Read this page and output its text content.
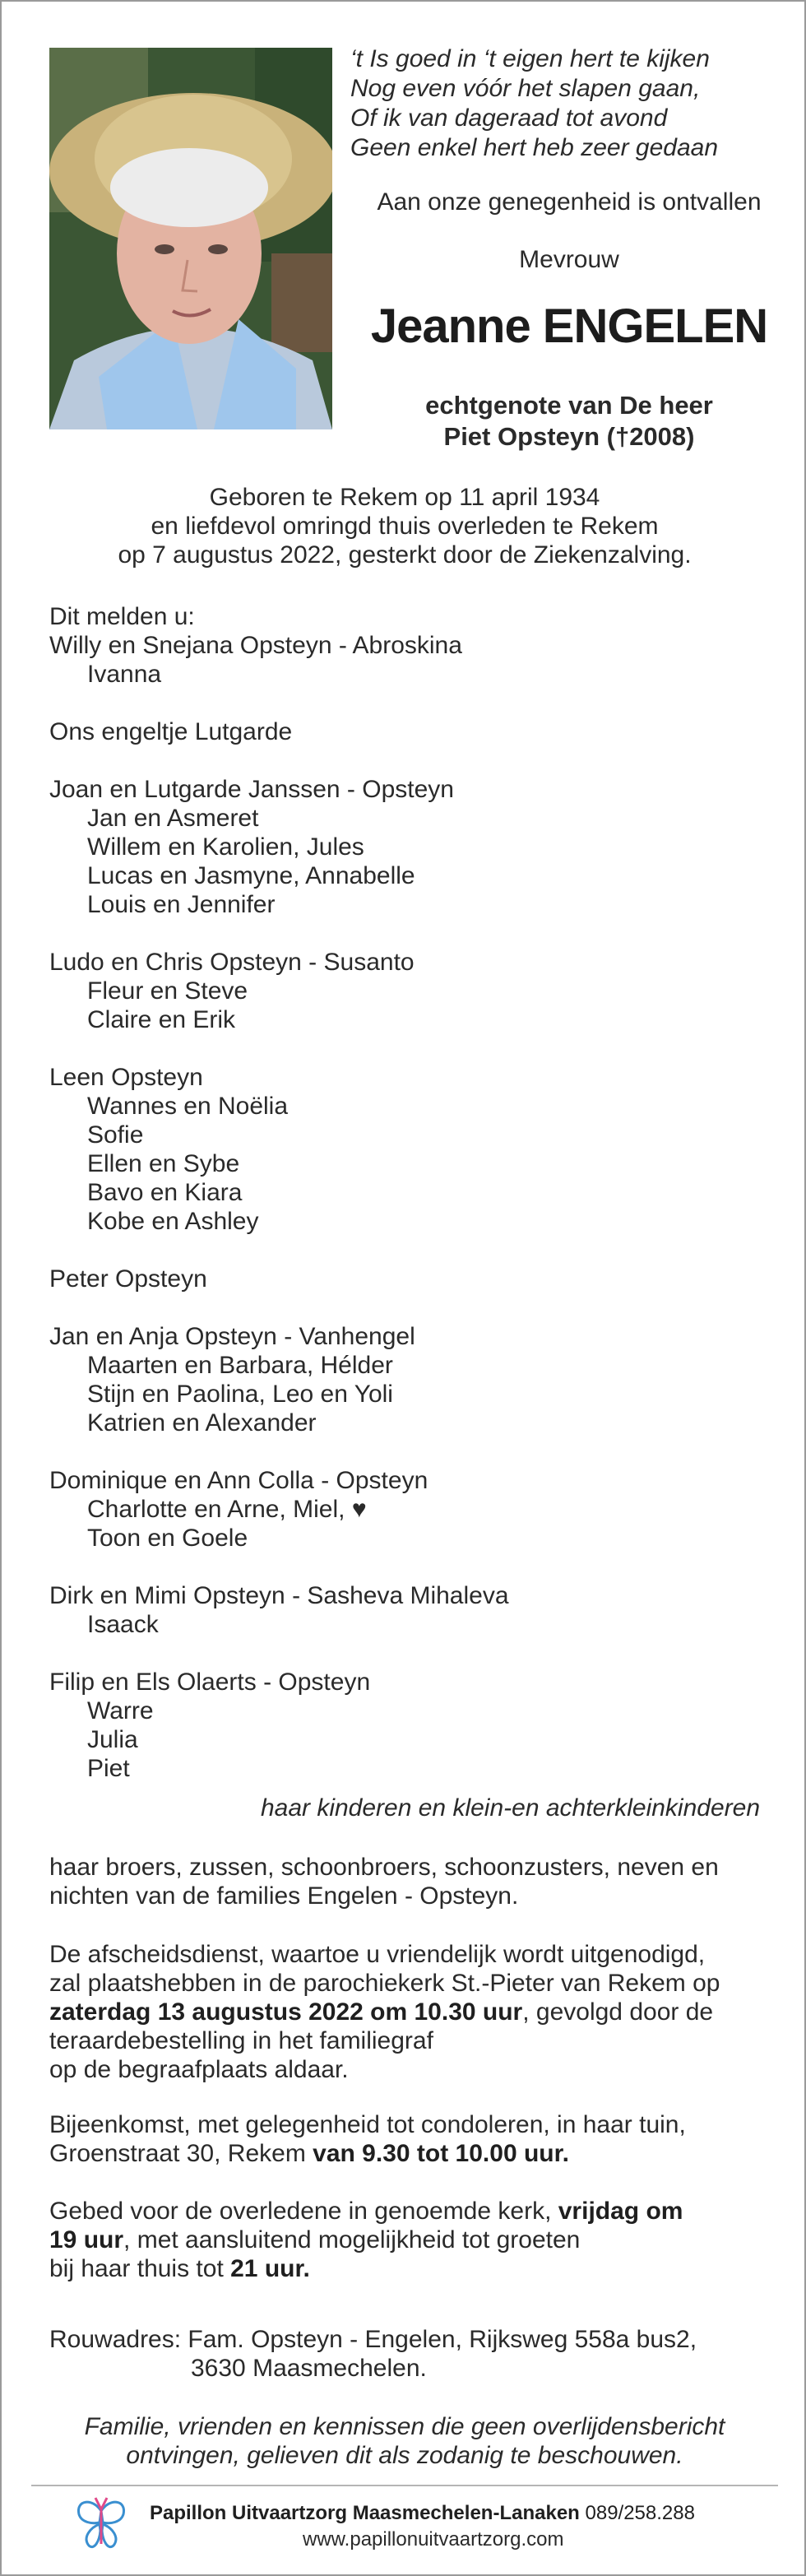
‘t Is goed in ‘t eigen hert te kijken
Nog even vóór het slapen gaan,
Of ik van dageraad tot avond
Geen enkel hert heb zeer gedaan
Aan onze genegenheid is ontvallen
Mevrouw
Jeanne ENGELEN
echtgenote van De heer
Piet Opsteyn (†2008)
Geboren te Rekem op 11 april 1934
en liefdevol omringd thuis overleden te Rekem
op 7 augustus 2022, gesterkt door de Ziekenzalving.
Dit melden u:
Willy en Snejana Opsteyn - Abroskina
Ivanna
Ons engeltje Lutgarde
Joan en Lutgarde Janssen - Opsteyn
Jan en Asmeret
Willem en Karolien, Jules
Lucas en Jasmyne, Annabelle
Louis en Jennifer
Ludo en Chris Opsteyn - Susanto
Fleur en Steve
Claire en Erik
Leen Opsteyn
Wannes en Noëlia
Sofie
Ellen en Sybe
Bavo en Kiara
Kobe en Ashley
Peter Opsteyn
Jan en Anja Opsteyn - Vanhengel
Maarten en Barbara, Hélder
Stijn en Paolina, Leo en Yoli
Katrien en Alexander
Dominique en Ann Colla - Opsteyn
Charlotte en Arne, Miel, ♥
Toon en Goele
Dirk en Mimi Opsteyn - Sasheva Mihaleva
Isaack
Filip en Els Olaerts - Opsteyn
Warre
Julia
Piet
haar kinderen en klein-en achterkleinkinderen
haar broers, zussen, schoonbroers, schoonzusters, neven en
nichten van de families Engelen - Opsteyn.
De afscheidsdienst, waartoe u vriendelijk wordt uitgenodigd,
zal plaatshebben in de parochiekerk St.-Pieter van Rekem op
zaterdag 13 augustus 2022 om 10.30 uur, gevolgd door de
teraardebestelling in het familiegraf
op de begraafplaats aldaar.
Bijeenkomst, met gelegenheid tot condoleren, in haar tuin,
Groenstraat 30, Rekem van 9.30 tot 10.00 uur.
Gebed voor de overledene in genoemde kerk, vrijdag om
19 uur, met aansluitend mogelijkheid tot groeten
bij haar thuis tot 21 uur.
Rouwadres: Fam. Opsteyn - Engelen, Rijksweg 558a bus2,
3630 Maasmechelen.
Familie, vrienden en kennissen die geen overlijdensbericht
ontvingen, gelieven dit als zodanig te beschouwen.
Papillon Uitvaartzorg Maasmechelen-Lanaken 089/258.288
www.papillonuitvaartzorg.com
